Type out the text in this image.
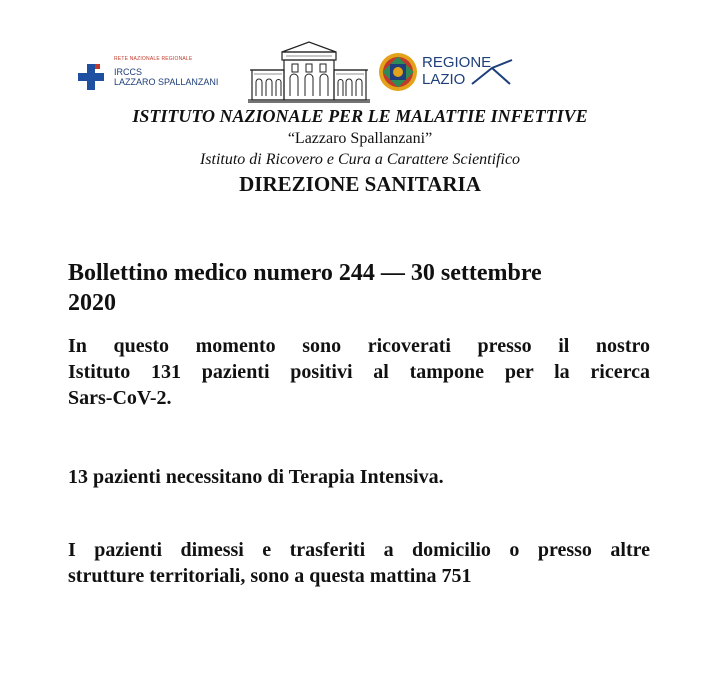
RETE NAZIONALE REGIONALE
IRCCS
LAZZARO SPALLANZANI
REGIONE
LAZIO

ISTITUTO NAZIONALE PER LE MALATTIE INFETTIVE

“Lazzaro Spallanzani”

Istituto di Ricovero e Cura a Carattere Scientifico

DIREZIONE SANITARIA

Bollettino medico numero 244 — 30 settembre
2020

In questo momento sono ricoverati presso il nostro
Istituto 131 pazienti positivi al tampone per la ricerca
Sars-CoV-2.

13 pazienti necessitano di Terapia Intensiva.

I pazienti dimessi e trasferiti a domicilio o presso altre
strutture territoriali, sono a questa mattina 751
